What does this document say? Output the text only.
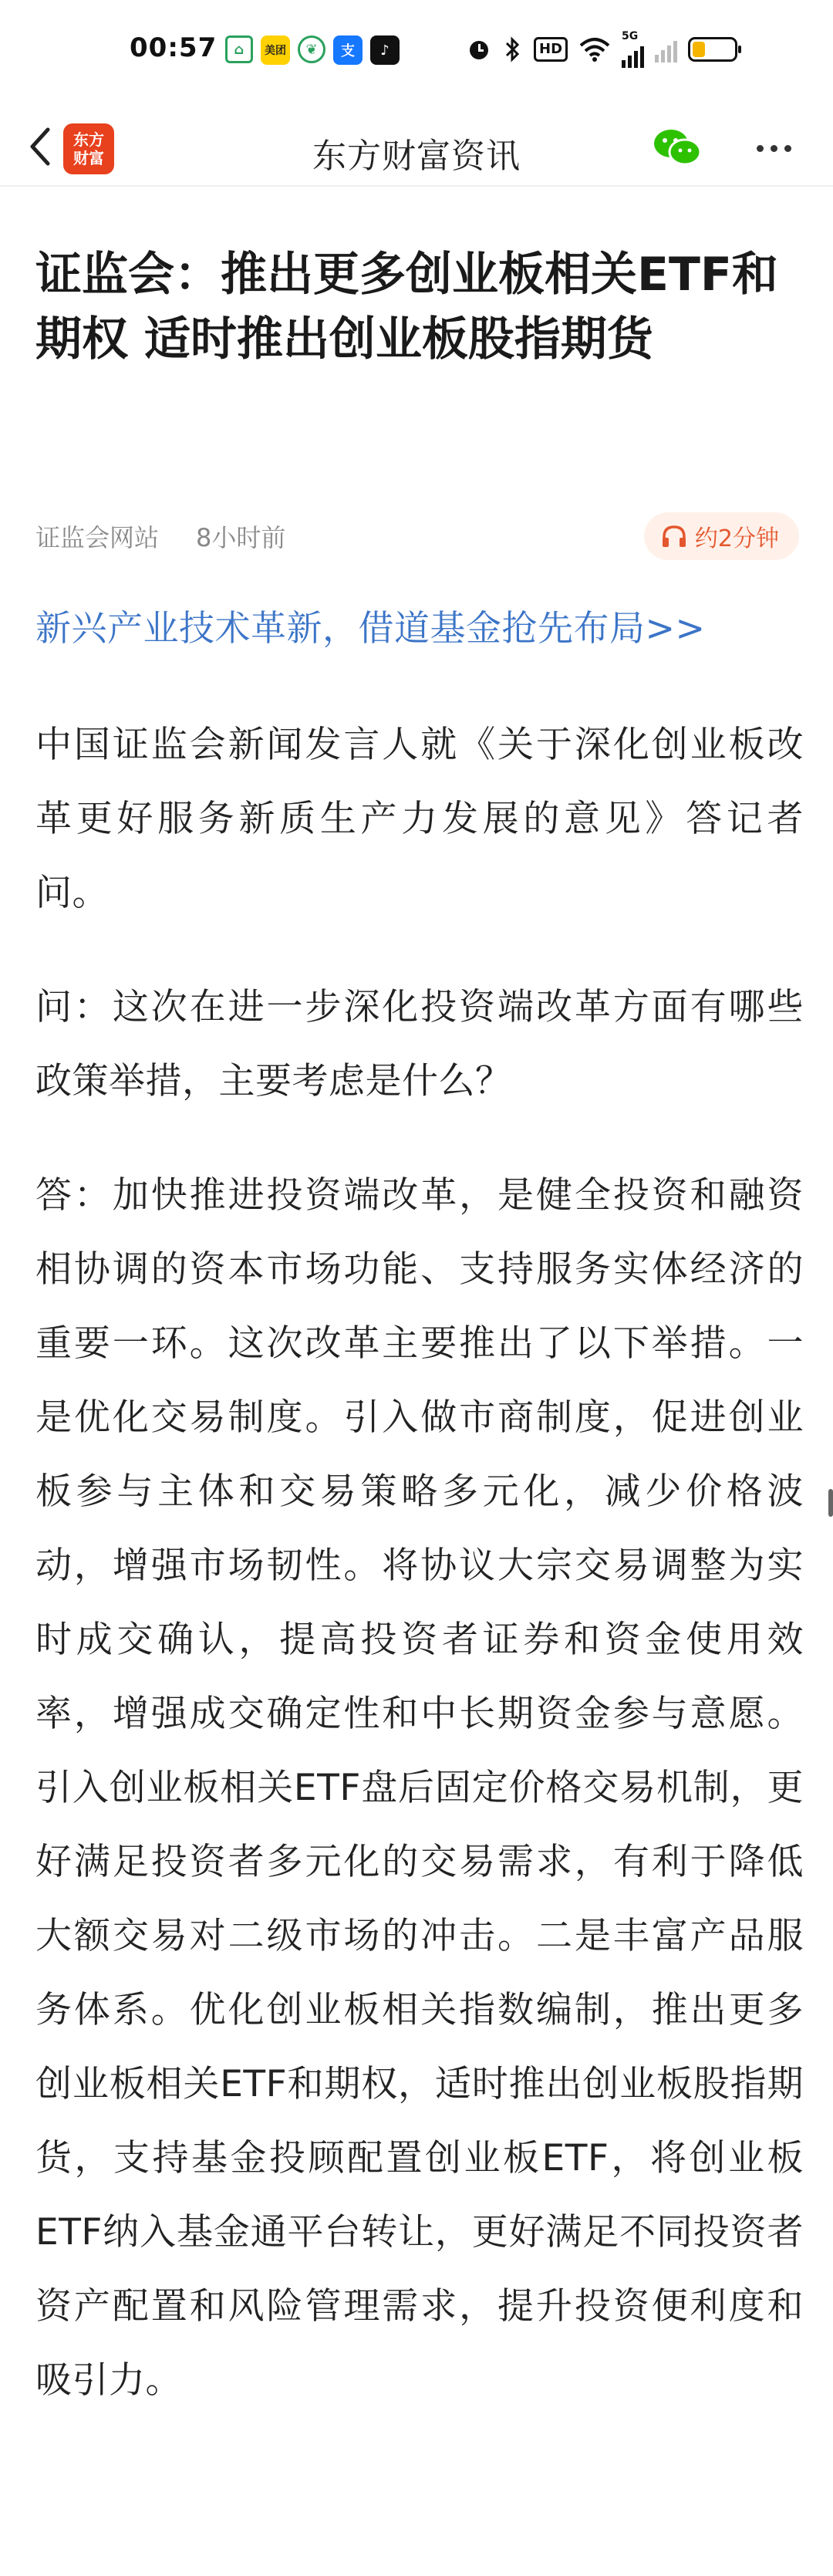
00:57	⌂	美团	❦	支	♪	HD
5G
东方
财富	东方财富资讯
证监会：推出更多创业板相关ETF和期权 适时推出创业板股指期货
证监会网站 8小时前	约2分钟
新兴产业技术革新，借道基金抢先布局>>

中国证监会新闻发言人就《关于深化创业板改革更好服务新质生产力发展的意见》答记者问。

问：这次在进一步深化投资端改革方面有哪些政策举措，主要考虑是什么？

答：加快推进投资端改革，是健全投资和融资相协调的资本市场功能、支持服务实体经济的重要一环。这次改革主要推出了以下举措。一是优化交易制度。引入做市商制度，促进创业板参与主体和交易策略多元化，减少价格波动，增强市场韧性。将协议大宗交易调整为实时成交确认，提高投资者证券和资金使用效率，增强成交确定性和中长期资金参与意愿。引入创业板相关ETF盘后固定价格交易机制，更好满足投资者多元化的交易需求，有利于降低大额交易对二级市场的冲击。二是丰富产品服务体系。优化创业板相关指数编制，推出更多创业板相关ETF和期权，适时推出创业板股指期货，支持基金投顾配置创业板ETF，将创业板ETF纳入基金通平台转让，更好满足不同投资者资产配置和风险管理需求，提升投资便利度和吸引力。
